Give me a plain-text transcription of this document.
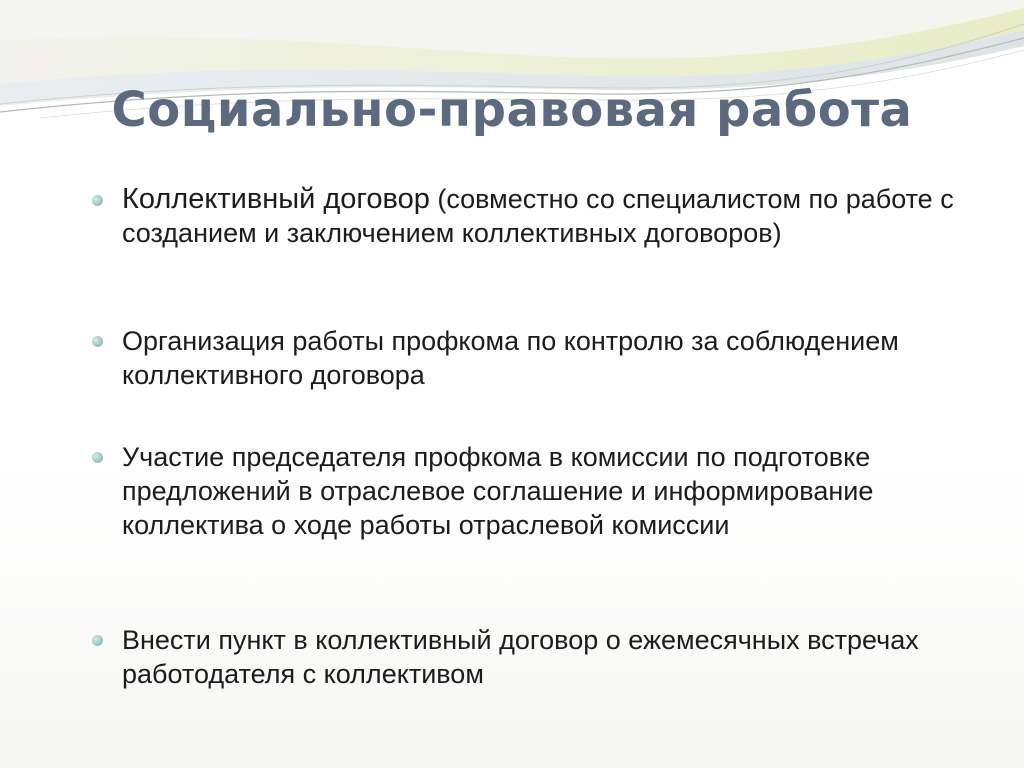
Социально-правовая работа
Коллективный договор (совместно со специалистом по работе с созданием и заключением коллективных договоров)
Организация работы профкома по контролю за соблюдением коллективного договора
Участие председателя профкома в комиссии по подготовке предложений в отраслевое соглашение и информирование коллектива о ходе работы отраслевой комиссии
Внести пункт в коллективный договор о ежемесячных встречах работодателя с коллективом
